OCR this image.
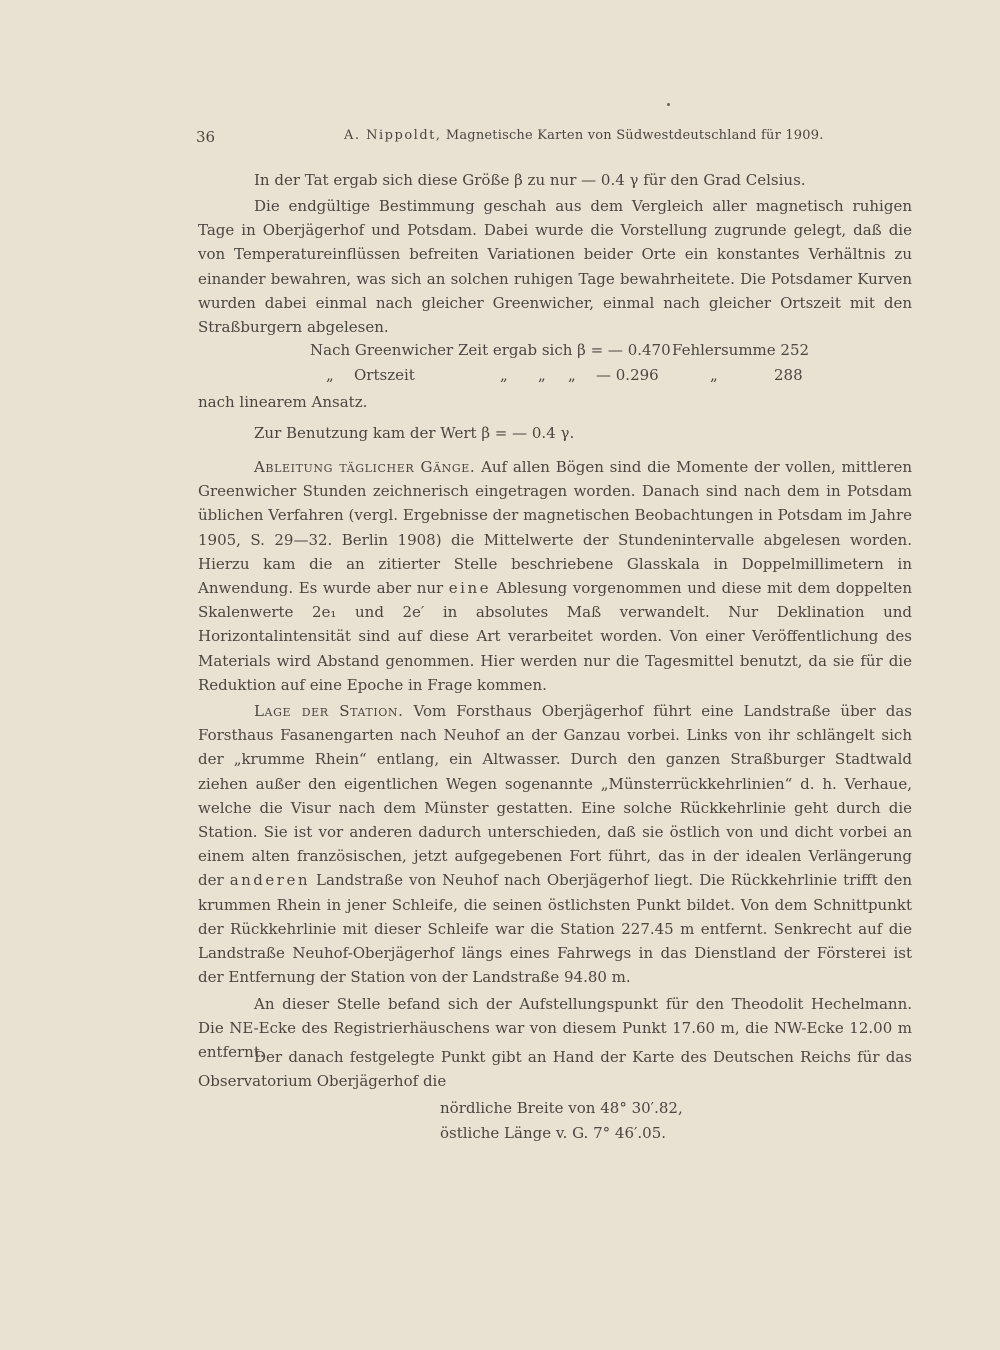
36	A. Nippoldt, Magnetische Karten von Südwestdeutschland für 1909.

In der Tat ergab sich diese Größe β zu nur — 0.4 γ für den Grad Celsius.

Die endgültige Bestimmung geschah aus dem Vergleich aller magnetisch ruhigen Tage in Oberjägerhof und Potsdam. Dabei wurde die Vorstellung zugrunde gelegt, daß die von Temperatureinflüssen befreiten Variationen beider Orte ein konstantes Verhältnis zu einander bewahren, was sich an solchen ruhigen Tage bewahrheitete. Die Potsdamer Kurven wurden dabei einmal nach gleicher Greenwicher, einmal nach gleicher Ortszeit mit den Straßburgern abgelesen.

Nach Greenwicher Zeit ergab sich β = — 0.470 Fehlersumme 252
„ Ortszeit	„ „ „ — 0.296	„	288
nach linearem Ansatz.

Zur Benutzung kam der Wert β = — 0.4 γ.

Ableitung täglicher Gänge. Auf allen Bögen sind die Momente der vollen, mittleren Greenwicher Stunden zeichnerisch eingetragen worden. Danach sind nach dem in Potsdam üblichen Verfahren (vergl. Ergebnisse der magnetischen Beobachtungen in Potsdam im Jahre 1905, S. 29—32. Berlin 1908) die Mittelwerte der Stundenintervalle abgelesen worden. Hierzu kam die an zitierter Stelle beschriebene Glasskala in Doppelmillimetern in Anwendung. Es wurde aber nur eine Ablesung vorgenommen und diese mit dem doppelten Skalenwerte 2e₁ und 2e′ in absolutes Maß verwandelt. Nur Deklination und Horizontalintensität sind auf diese Art verarbeitet worden. Von einer Veröffentlichung des Materials wird Abstand genommen. Hier werden nur die Tagesmittel benutzt, da sie für die Reduktion auf eine Epoche in Frage kommen.

Lage der Station. Vom Forsthaus Oberjägerhof führt eine Landstraße über das Forsthaus Fasanengarten nach Neuhof an der Ganzau vorbei. Links von ihr schlängelt sich der „krumme Rhein“ entlang, ein Altwasser. Durch den ganzen Straßburger Stadtwald ziehen außer den eigentlichen Wegen sogenannte „Münsterrückkehrlinien“ d. h. Verhaue, welche die Visur nach dem Münster gestatten. Eine solche Rückkehrlinie geht durch die Station. Sie ist vor anderen dadurch unterschieden, daß sie östlich von und dicht vorbei an einem alten französischen, jetzt aufgegebenen Fort führt, das in der idealen Verlängerung der anderen Landstraße von Neuhof nach Oberjägerhof liegt. Die Rückkehrlinie trifft den krummen Rhein in jener Schleife, die seinen östlichsten Punkt bildet. Von dem Schnittpunkt der Rückkehrlinie mit dieser Schleife war die Station 227.45 m entfernt. Senkrecht auf die Landstraße Neuhof-Oberjägerhof längs eines Fahrwegs in das Dienstland der Försterei ist der Entfernung der Station von der Landstraße 94.80 m.

An dieser Stelle befand sich der Aufstellungspunkt für den Theodolit Hechelmann. Die NE-Ecke des Registrierhäuschens war von diesem Punkt 17.60 m, die NW-Ecke 12.00 m entfernt.

Der danach festgelegte Punkt gibt an Hand der Karte des Deutschen Reichs für das Observatorium Oberjägerhof die

nördliche Breite von 48° 30′.82,
östliche Länge v. G. 7° 46′.05.
